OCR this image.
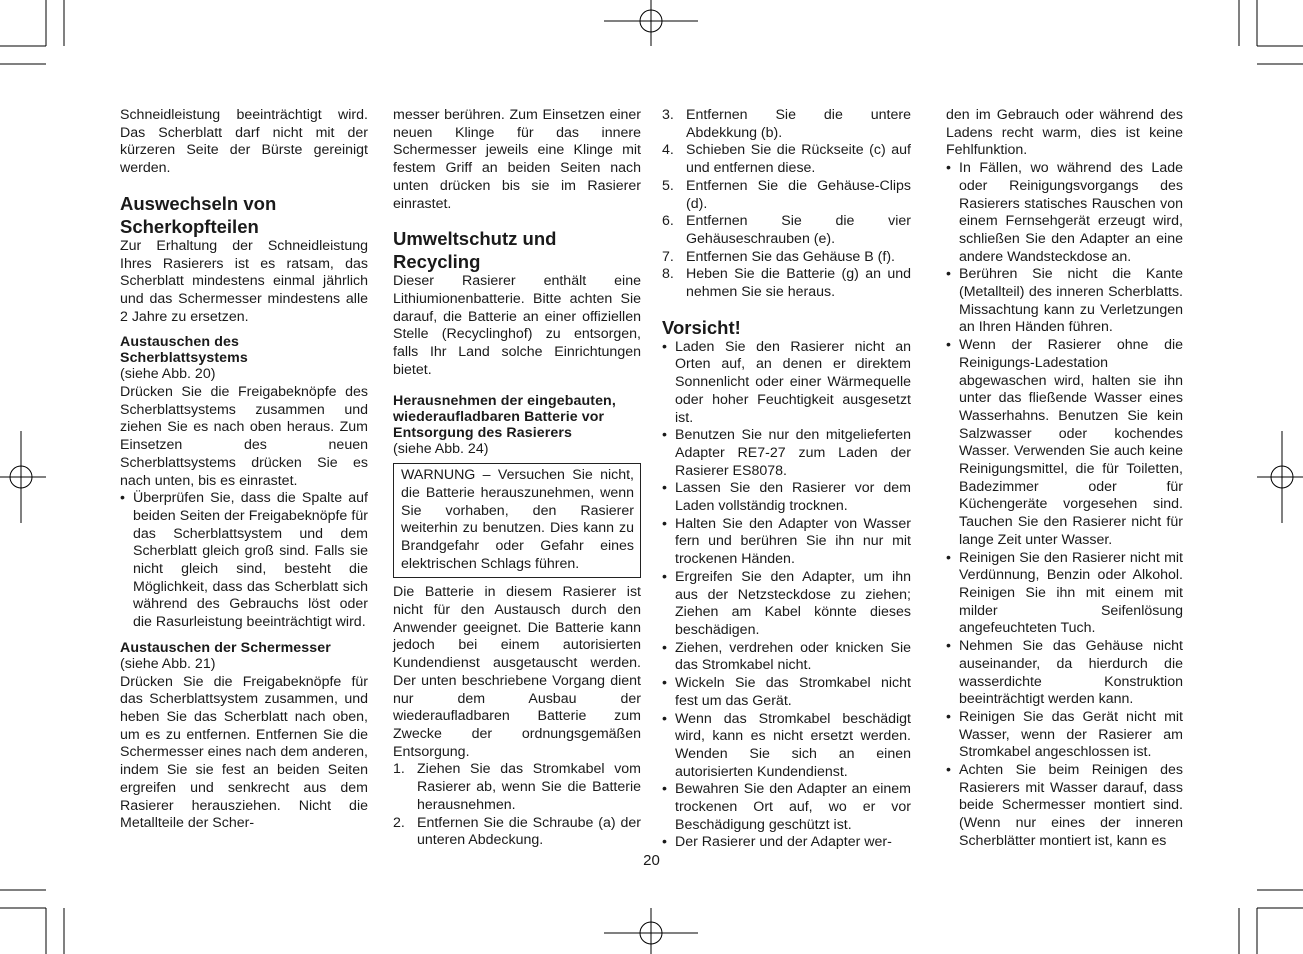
Schneidleistung beeinträchtigt wird. Das Scherblatt darf nicht mit der kürzeren Seite der Bürste gereinigt werden.

Auswechseln von Scherkopfteilen

Zur Erhaltung der Schneidleistung Ihres Rasierers ist es ratsam, das Scherblatt mindestens einmal jährlich und das Schermesser mindestens alle 2 Jahre zu ersetzen.

Austauschen des Scherblattsystems

(siehe Abb. 20)

Drücken Sie die Freigabeknöpfe des Scherblattsystems zusammen und ziehen Sie es nach oben heraus. Zum Einsetzen des neuen Scherblattsystems drücken Sie es nach unten, bis es einrastet.

• Überprüfen Sie, dass die Spalte auf beiden Seiten der Freigabeknöpfe für das Scherblattsystem und dem Scherblatt gleich groß sind. Falls sie nicht gleich sind, besteht die Möglichkeit, dass das Scherblatt sich während des Gebrauchs löst oder die Rasurleistung beeinträchtigt wird.
Austauschen der Schermesser

(siehe Abb. 21)

Drücken Sie die Freigabeknöpfe für das Scherblattsystem zusammen, und heben Sie das Scherblatt nach oben, um es zu entfernen. Entfernen Sie die Schermesser eines nach dem anderen, indem Sie sie fest an beiden Seiten ergreifen und senkrecht aus dem Rasierer herausziehen. Nicht die Metallteile der Scher-

messer berühren. Zum Einsetzen einer neuen Klinge für das innere Schermesser jeweils eine Klinge mit festem Griff an beiden Seiten nach unten drücken bis sie im Rasierer einrastet.

Umweltschutz und Recycling

Dieser Rasierer enthält eine Lithiumionenbatterie. Bitte achten Sie darauf, die Batterie an einer offiziellen Stelle (Recyclinghof) zu entsorgen, falls Ihr Land solche Einrichtungen bietet.

Herausnehmen der eingebauten, wiederaufladbaren Batterie vor Entsorgung des Rasierers

(siehe Abb. 24)

WARNUNG – Versuchen Sie nicht, die Batterie herauszunehmen, wenn Sie vorhaben, den Rasierer weiterhin zu benutzen. Dies kann zu Brandgefahr oder Gefahr eines elektrischen Schlags führen.

Die Batterie in diesem Rasierer ist nicht für den Austausch durch den Anwender geeignet. Die Batterie kann jedoch bei einem autorisierten Kundendienst ausgetauscht werden. Der unten beschriebene Vorgang dient nur dem Ausbau der wiederaufladbaren Batterie zum Zwecke der ordnungsgemäßen Entsorgung.

1. Ziehen Sie das Stromkabel vom Rasierer ab, wenn Sie die Batterie herausnehmen.
2. Entfernen Sie die Schraube (a) der unteren Abdeckung.
3. Entfernen Sie die untere Abdekkung (b).
4. Schieben Sie die Rückseite (c) auf und entfernen diese.
5. Entfernen Sie die Gehäuse-Clips (d).
6. Entfernen Sie die vier Gehäuseschrauben (e).
7. Entfernen Sie das Gehäuse B (f).
8. Heben Sie die Batterie (g) an und nehmen Sie sie heraus.
Vorsicht!
• Laden Sie den Rasierer nicht an Orten auf, an denen er direktem Sonnenlicht oder einer Wärmequelle oder hoher Feuchtigkeit ausgesetzt ist.
• Benutzen Sie nur den mitgelieferten Adapter RE7-27 zum Laden der Rasierer ES8078.
• Lassen Sie den Rasierer vor dem Laden vollständig trocknen.
• Halten Sie den Adapter von Wasser fern und berühren Sie ihn nur mit trockenen Händen.
• Ergreifen Sie den Adapter, um ihn aus der Netzsteckdose zu ziehen; Ziehen am Kabel könnte dieses beschädigen.
• Ziehen, verdrehen oder knicken Sie das Stromkabel nicht.
• Wickeln Sie das Stromkabel nicht fest um das Gerät.
• Wenn das Stromkabel beschädigt wird, kann es nicht ersetzt werden. Wenden Sie sich an einen autorisierten Kundendienst.
• Bewahren Sie den Adapter an einem trockenen Ort auf, wo er vor Beschädigung geschützt ist.
• Der Rasierer und der Adapter wer-

den im Gebrauch oder während des Ladens recht warm, dies ist keine Fehlfunktion.

• In Fällen, wo während des Lade oder Reinigungsvorgangs des Rasierers statisches Rauschen von einem Fernsehgerät erzeugt wird, schließen Sie den Adapter an eine andere Wandsteckdose an.
• Berühren Sie nicht die Kante (Metallteil) des inneren Scherblatts. Missachtung kann zu Verletzungen an Ihren Händen führen.
• Wenn der Rasierer ohne die Reinigungs-Ladestation abgewaschen wird, halten sie ihn unter das fließende Wasser eines Wasserhahns. Benutzen Sie kein Salzwasser oder kochendes Wasser. Verwenden Sie auch keine Reinigungsmittel, die für Toiletten, Badezimmer oder für Küchengeräte vorgesehen sind. Tauchen Sie den Rasierer nicht für lange Zeit unter Wasser.
• Reinigen Sie den Rasierer nicht mit Verdünnung, Benzin oder Alkohol. Reinigen Sie ihn mit einem mit milder Seifenlösung angefeuchteten Tuch.
• Nehmen Sie das Gehäuse nicht auseinander, da hierdurch die wasserdichte Konstruktion beeinträchtigt werden kann.
• Reinigen Sie das Gerät nicht mit Wasser, wenn der Rasierer am Stromkabel angeschlossen ist.
• Achten Sie beim Reinigen des Rasierers mit Wasser darauf, dass beide Schermesser montiert sind. (Wenn nur eines der inneren Scherblätter montiert ist, kann es
20
